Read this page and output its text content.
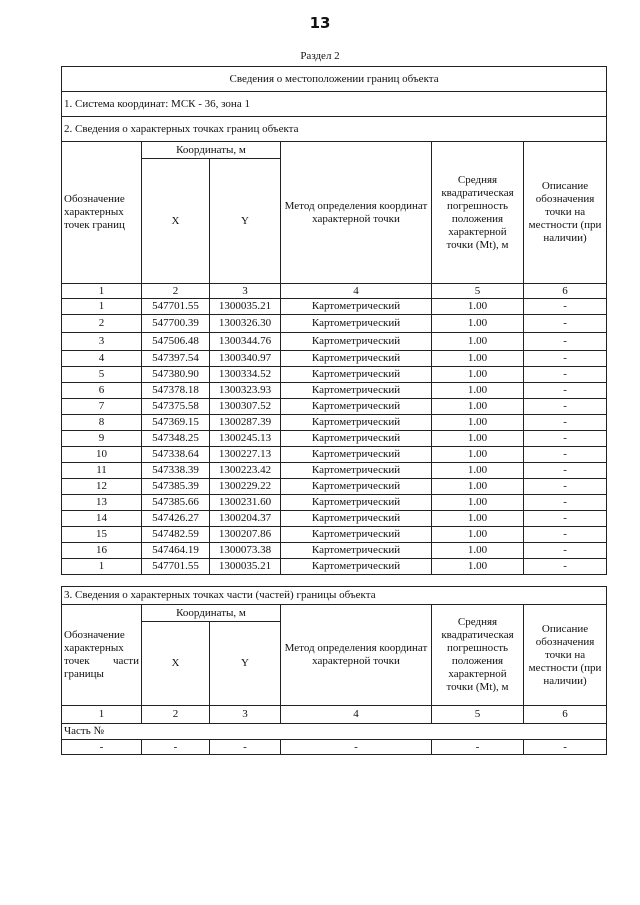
13
Раздел 2
Сведения о местоположении границ объекта					
1. Система координат: МСК - 36, зона 1					
2. Сведения о характерных точках границ объекта					
Обозначение характерных точек границ	Координаты, м		Метод определения координат характерной точки	Средняя квадратическая погрешность положения характерной точки (Mt), м	Описание обозначения точки на местности (при наличии)
	X	Y			
1	2	3	4	5	6
1	547701.55	1300035.21	Картометрический	1.00	-
2	547700.39	1300326.30	Картометрический	1.00	-
3	547506.48	1300344.76	Картометрический	1.00	-
4	547397.54	1300340.97	Картометрический	1.00	-
5	547380.90	1300334.52	Картометрический	1.00	-
6	547378.18	1300323.93	Картометрический	1.00	-
7	547375.58	1300307.52	Картометрический	1.00	-
8	547369.15	1300287.39	Картометрический	1.00	-
9	547348.25	1300245.13	Картометрический	1.00	-
10	547338.64	1300227.13	Картометрический	1.00	-
11	547338.39	1300223.42	Картометрический	1.00	-
12	547385.39	1300229.22	Картометрический	1.00	-
13	547385.66	1300231.60	Картометрический	1.00	-
14	547426.27	1300204.37	Картометрический	1.00	-
15	547482.59	1300207.86	Картометрический	1.00	-
16	547464.19	1300073.38	Картометрический	1.00	-
1	547701.55	1300035.21	Картометрический	1.00	-
3. Сведения о характерных точках части (частей) границы объекта					
Обозначение характерных точек части границы	Координаты, м		Метод определения координат характерной точки	Средняя квадратическая погрешность положения характерной точки (Mt), м	Описание обозначения точки на местности (при наличии)
	X	Y			
1	2	3	4	5	6
Часть №					
-	-	-	-	-	-
